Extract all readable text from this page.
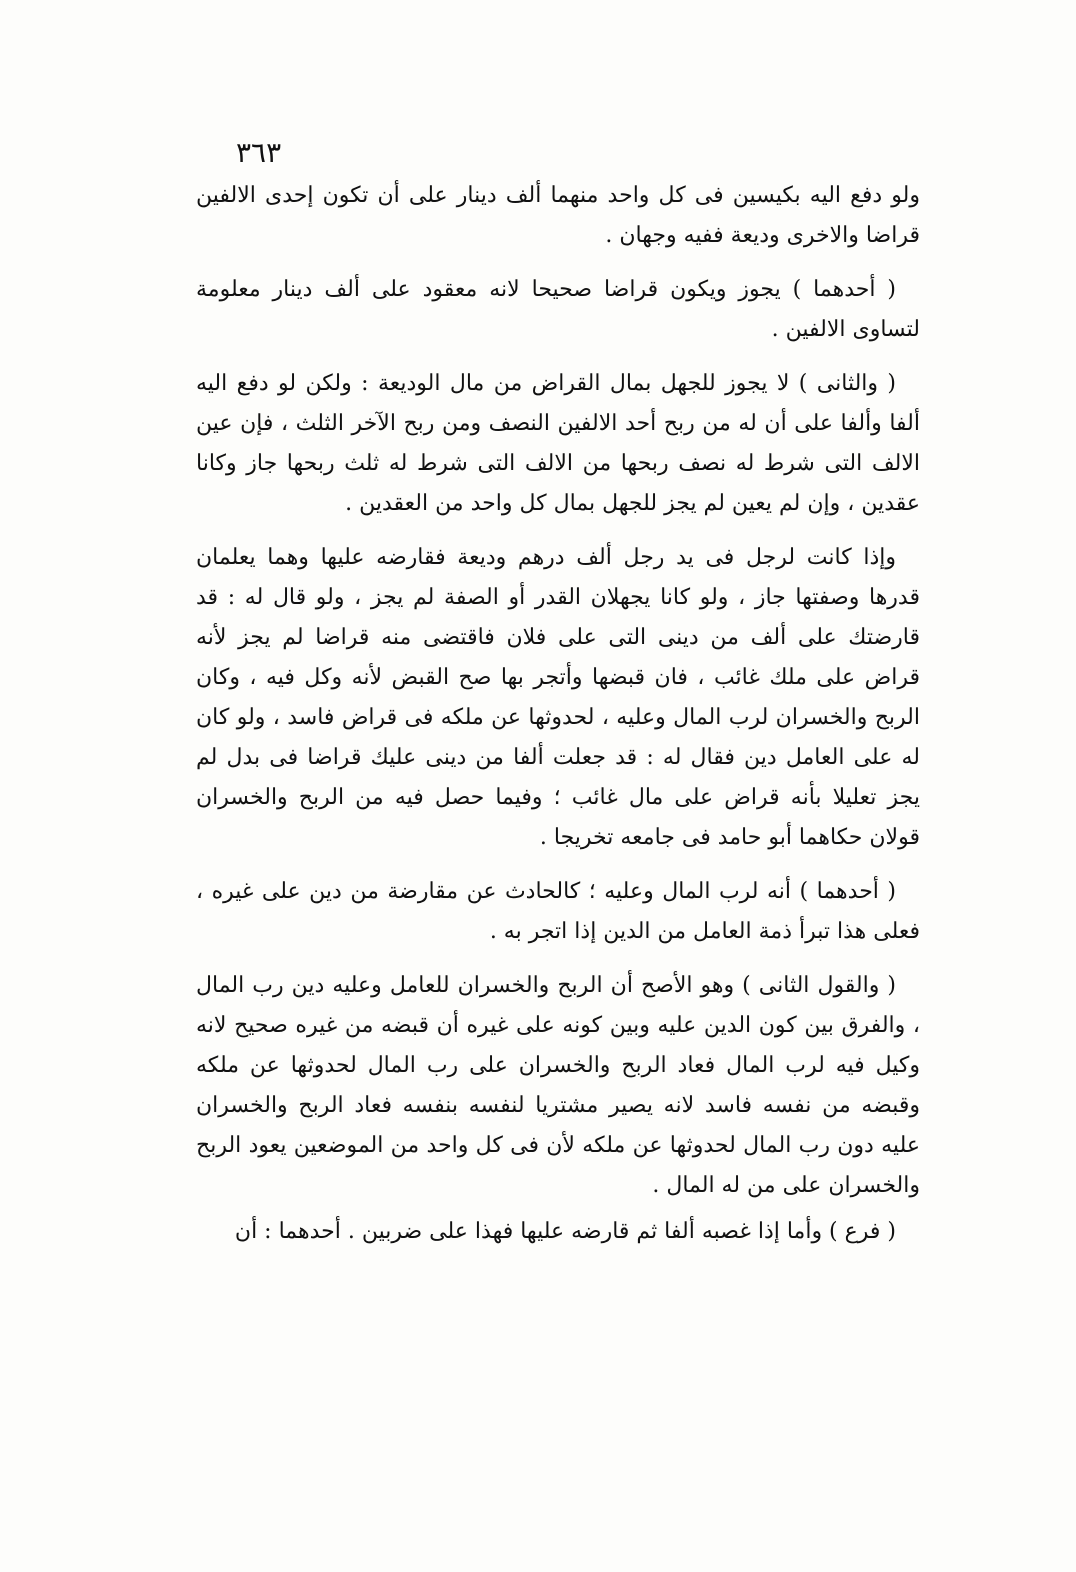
٣٦٣

ولو دفع اليه بكيسين فى كل واحد منهما ألف دينار على أن تكون إحدى الالفين قراضا والاخرى وديعة ففيه وجهان .

( أحدهما ) يجوز ويكون قراضا صحيحا لانه معقود على ألف دينار معلومة لتساوى الالفين .

( والثانى ) لا يجوز للجهل بمال القراض من مال الوديعة : ولكن لو دفع اليه ألفا وألفا على أن له من ربح أحد الالفين النصف ومن ربح الآخر الثلث ، فإن عين الالف التى شرط له نصف ربحها من الالف التى شرط له ثلث ربحها جاز وكانا عقدين ، وإن لم يعين لم يجز للجهل بمال كل واحد من العقدين .

وإذا كانت لرجل فى يد رجل ألف درهم وديعة فقارضه عليها وهما يعلمان قدرها وصفتها جاز ، ولو كانا يجهلان القدر أو الصفة لم يجز ، ولو قال له : قد قارضتك على ألف من دينى التى على فلان فاقتضى منه قراضا لم يجز لأنه قراض على ملك غائب ، فان قبضها وأتجر بها صح القبض لأنه وكل فيه ، وكان الربح والخسران لرب المال وعليه ، لحدوثها عن ملكه فى قراض فاسد ، ولو كان له على العامل دين فقال له : قد جعلت ألفا من دينى عليك قراضا فى بدل لم يجز تعليلا بأنه قراض على مال غائب ؛ وفيما حصل فيه من الربح والخسران قولان حكاهما أبو حامد فى جامعه تخريجا .

( أحدهما ) أنه لرب المال وعليه ؛ كالحادث عن مقارضة من دين على غيره ، فعلى هذا تبرأ ذمة العامل من الدين إذا اتجر به .

( والقول الثانى ) وهو الأصح أن الربح والخسران للعامل وعليه دين رب المال ، والفرق بين كون الدين عليه وبين كونه على غيره أن قبضه من غيره صحيح لانه وكيل فيه لرب المال فعاد الربح والخسران على رب المال لحدوثها عن ملكه وقبضه من نفسه فاسد لانه يصير مشتريا لنفسه بنفسه فعاد الربح والخسران عليه دون رب المال لحدوثها عن ملكه لأن فى كل واحد من الموضعين يعود الربح والخسران على من له المال .

( فرع ) وأما إذا غصبه ألفا ثم قارضه عليها فهذا على ضربين . أحدهما : أن
